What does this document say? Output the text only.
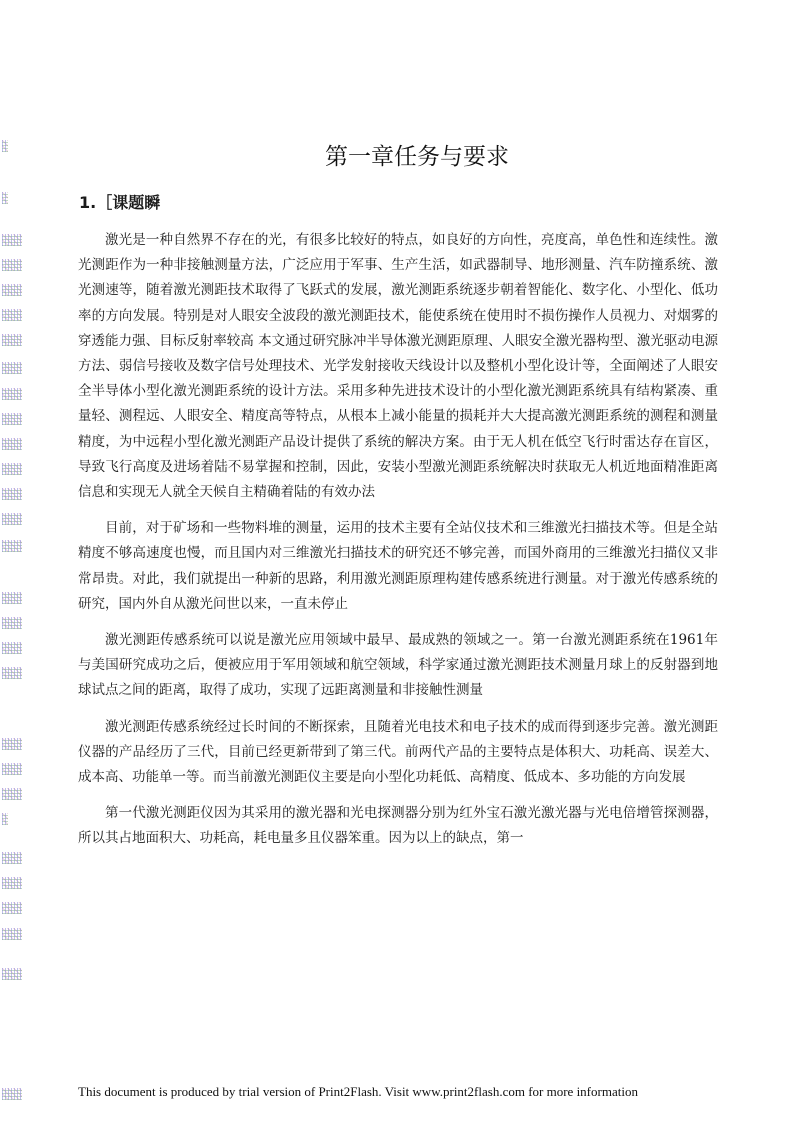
第一章任务与要求
1.［课题瞬

激光是一种自然界不存在的光，有很多比较好的特点，如良好的方向性，亮度高，单色性和连续性。激光测距作为一种非接触测量方法，广泛应用于军事、生产生活，如武器制导、地形测量、汽车防撞系统、激光测速等，随着激光测距技术取得了飞跃式的发展，激光测距系统逐步朝着智能化、数字化、小型化、低功率的方向发展。特别是对人眼安全波段的激光测距技术，能使系统在使用时不损伤操作人员视力、对烟雾的穿透能力强、目标反射率较高 本文通过研究脉冲半导体激光测距原理、人眼安全激光器构型、激光驱动电源方法、弱信号接收及数字信号处理技术、光学发射接收天线设计以及整机小型化设计等，全面阐述了人眼安全半导体小型化激光测距系统的设计方法。采用多种先进技术设计的小型化激光测距系统具有结构紧凑、重量轻、测程远、人眼安全、精度高等特点，从根本上减小能量的损耗并大大提高激光测距系统的测程和测量精度，为中远程小型化激光测距产品设计提供了系统的解决方案。由于无人机在低空飞行时雷达存在盲区，导致飞行高度及进场着陆不易掌握和控制，因此，安装小型激光测距系统解决时获取无人机近地面精准距离信息和实现无人就全天候自主精确着陆的有效办法

目前，对于矿场和一些物料堆的测量，运用的技术主要有全站仪技术和三维激光扫描技术等。但是全站精度不够高速度也慢，而且国内对三维激光扫描技术的研究还不够完善，而国外商用的三维激光扫描仪又非常昂贵。对此，我们就提出一种新的思路，利用激光测距原理构建传感系统进行测量。对于激光传感系统的研究，国内外自从激光问世以来，一直未停止

激光测距传感系统可以说是激光应用领域中最早、最成熟的领域之一。第一台激光测距系统在1961年与美国研究成功之后，便被应用于军用领域和航空领域，科学家通过激光测距技术测量月球上的反射器到地球试点之间的距离，取得了成功，实现了远距离测量和非接触性测量

激光测距传感系统经过长时间的不断探索，且随着光电技术和电子技术的成而得到逐步完善。激光测距仪器的产品经历了三代，目前已经更新带到了第三代。前两代产品的主要特点是体积大、功耗高、误差大、成本高、功能单一等。而当前激光测距仪主要是向小型化功耗低、高精度、低成本、多功能的方向发展

第一代激光测距仪因为其采用的激光器和光电探测器分别为红外宝石激光激光器与光电倍增管探测器，所以其占地面积大、功耗高，耗电量多且仪器笨重。因为以上的缺点，第一

This document is produced by trial version of Print2Flash. Visit www.print2flash.com for more information
